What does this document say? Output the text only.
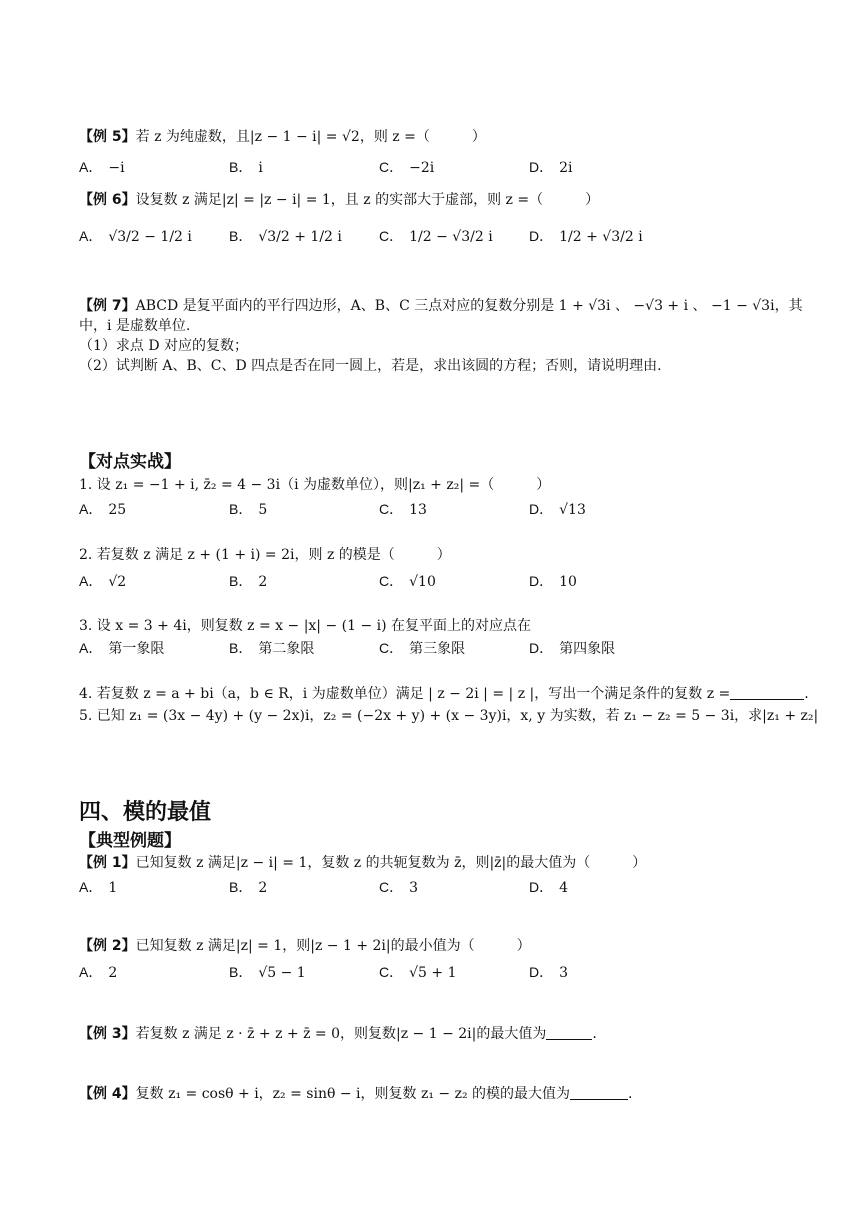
【例 5】若 z 为纯虚数，且|z − 1 − i| = √2，则 z =（　　　）
A． −i	B． i	C． −2i	D． 2i
【例 6】设复数 z 满足|z| = |z − i| = 1，且 z 的实部大于虚部，则 z =（　　　）
A． √3/2 − 1/2 i	B． √3/2 + 1/2 i	C． 1/2 − √3/2 i	D． 1/2 + √3/2 i
【例 7】ABCD 是复平面内的平行四边形，A、B、C 三点对应的复数分别是 1 + √3i 、 −√3 + i 、 −1 − √3i，其
中，i 是虚数单位.
（1）求点 D 对应的复数；
（2）试判断 A、B、C、D 四点是否在同一圆上，若是，求出该圆的方程；否则，请说明理由.
【对点实战】
1. 设 z₁ = −1 + i, z̄₂ = 4 − 3i（i 为虚数单位），则|z₁ + z₂| =（　　　）
A． 25	B． 5	C． 13	D． √13
2. 若复数 z 满足 z + (1 + i) = 2i，则 z 的模是（　　　）
A． √2	B． 2	C． √10	D． 10
3. 设 x = 3 + 4i，则复数 z = x − |x| − (1 − i) 在复平面上的对应点在
A． 第一象限	B． 第二象限	C． 第三象限	D． 第四象限
4. 若复数 z = a + bi（a，b ∈ R，i 为虚数单位）满足 | z − 2i | = | z |，写出一个满足条件的复数 z =	.
5. 已知 z₁ = (3x − 4y) + (y − 2x)i，z₂ = (−2x + y) + (x − 3y)i，x, y 为实数，若 z₁ − z₂ = 5 − 3i，求|z₁ + z₂|
四、模的最值
【典型例题】
【例 1】已知复数 z 满足|z − i| = 1，复数 z 的共轭复数为 z̄，则|z̄|的最大值为（　　　）
A． 1	B． 2	C． 3	D． 4
【例 2】已知复数 z 满足|z| = 1，则|z − 1 + 2i|的最小值为（　　　）
A． 2	B． √5 − 1	C． √5 + 1	D． 3
【例 3】若复数 z 满足 z · z̄ + z + z̄ = 0，则复数|z − 1 − 2i|的最大值为	.
【例 4】复数 z₁ = cosθ + i，z₂ = sinθ − i，则复数 z₁ − z₂ 的模的最大值为	.
